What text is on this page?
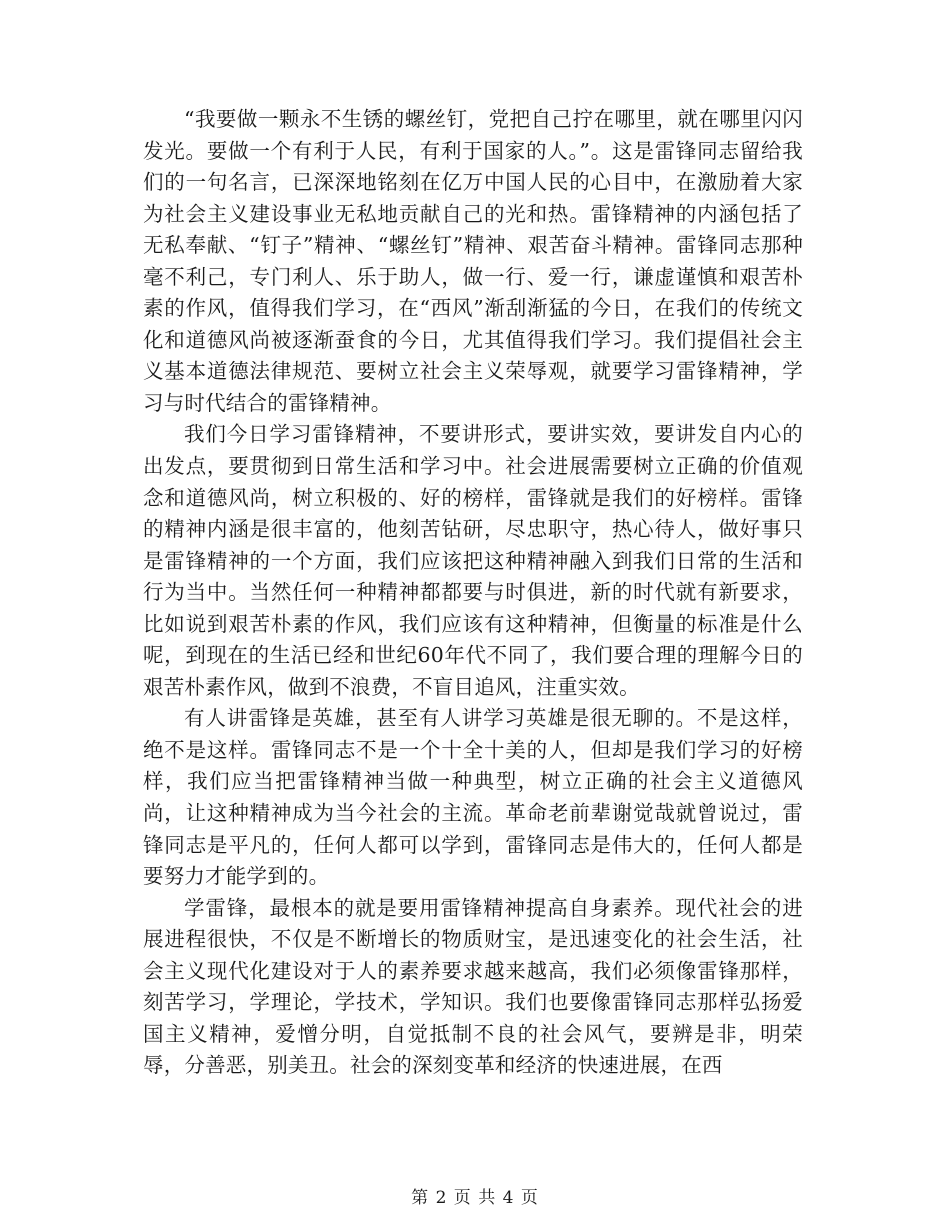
“我要做一颗永不生锈的螺丝钉，党把自己拧在哪里，就在哪里闪闪发光。要做一个有利于人民，有利于国家的人。”。这是雷锋同志留给我们的一句名言，已深深地铭刻在亿万中国人民的心目中，在激励着大家为社会主义建设事业无私地贡献自己的光和热。雷锋精神的内涵包括了无私奉献、“钉子”精神、“螺丝钉”精神、艰苦奋斗精神。雷锋同志那种毫不利己，专门利人、乐于助人，做一行、爱一行，谦虚谨慎和艰苦朴素的作风，值得我们学习，在“西风”渐刮渐猛的今日，在我们的传统文化和道德风尚被逐渐蚕食的今日，尤其值得我们学习。我们提倡社会主义基本道德法律规范、要树立社会主义荣辱观，就要学习雷锋精神，学习与时代结合的雷锋精神。

我们今日学习雷锋精神，不要讲形式，要讲实效，要讲发自内心的出发点，要贯彻到日常生活和学习中。社会进展需要树立正确的价值观念和道德风尚，树立积极的、好的榜样，雷锋就是我们的好榜样。雷锋的精神内涵是很丰富的，他刻苦钻研，尽忠职守，热心待人，做好事只是雷锋精神的一个方面，我们应该把这种精神融入到我们日常的生活和行为当中。当然任何一种精神都都要与时俱进，新的时代就有新要求，比如说到艰苦朴素的作风，我们应该有这种精神，但衡量的标准是什么呢，到现在的生活已经和世纪60年代不同了，我们要合理的理解今日的艰苦朴素作风，做到不浪费，不盲目追风，注重实效。

有人讲雷锋是英雄，甚至有人讲学习英雄是很无聊的。不是这样，绝不是这样。雷锋同志不是一个十全十美的人，但却是我们学习的好榜样，我们应当把雷锋精神当做一种典型，树立正确的社会主义道德风尚，让这种精神成为当今社会的主流。革命老前辈谢觉哉就曾说过，雷锋同志是平凡的，任何人都可以学到，雷锋同志是伟大的，任何人都是要努力才能学到的。

学雷锋，最根本的就是要用雷锋精神提高自身素养。现代社会的进展进程很快，不仅是不断增长的物质财宝，是迅速变化的社会生活，社会主义现代化建设对于人的素养要求越来越高，我们必须像雷锋那样，刻苦学习，学理论，学技术，学知识。我们也要像雷锋同志那样弘扬爱国主义精神，爱憎分明，自觉抵制不良的社会风气，要辨是非，明荣辱，分善恶，别美丑。社会的深刻变革和经济的快速进展，在西

第 2 页 共 4 页
